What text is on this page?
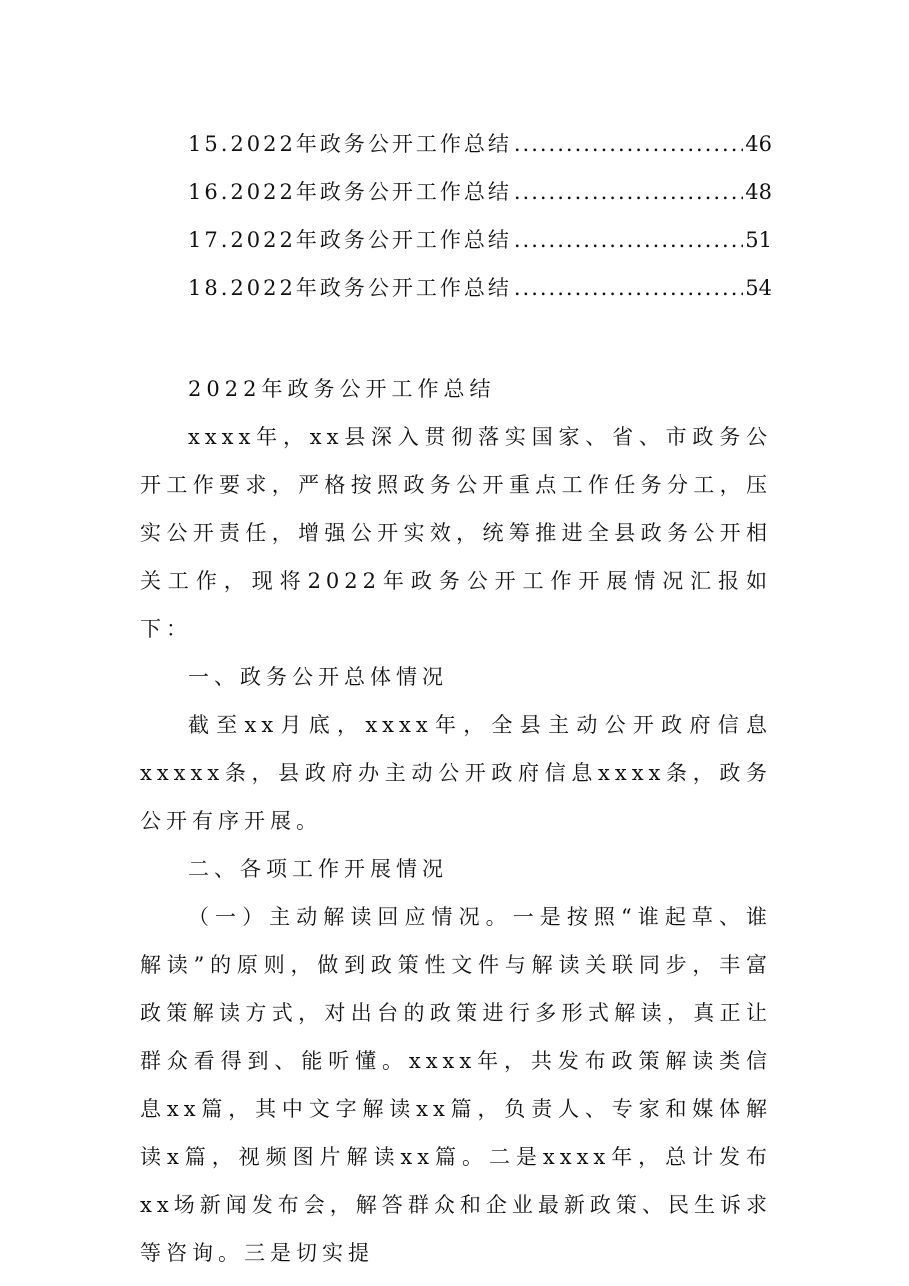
15.2022年政务公开工作总结 .....	46
16.2022年政务公开工作总结 .....	48
17.2022年政务公开工作总结 .....	51
18.2022年政务公开工作总结 .....	54
2022年政务公开工作总结

xxxx年，xx县深入贯彻落实国家、省、市政务公开工作要求，严格按照政务公开重点工作任务分工，压实公开责任，增强公开实效，统筹推进全县政务公开相关工作，现将2022年政务公开工作开展情况汇报如下：

一、政务公开总体情况

截至xx月底，xxxx年，全县主动公开政府信息xxxxx条，县政府办主动公开政府信息xxxx条，政务公开有序开展。

二、各项工作开展情况

（一）主动解读回应情况。一是按照“谁起草、谁解读”的原则，做到政策性文件与解读关联同步，丰富政策解读方式，对出台的政策进行多形式解读，真正让群众看得到、能听懂。xxxx年，共发布政策解读类信息xx篇，其中文字解读xx篇，负责人、专家和媒体解读x篇，视频图片解读xx篇。二是xxxx年，总计发布xx场新闻发布会，解答群众和企业最新政策、民生诉求等咨询。三是切实提
